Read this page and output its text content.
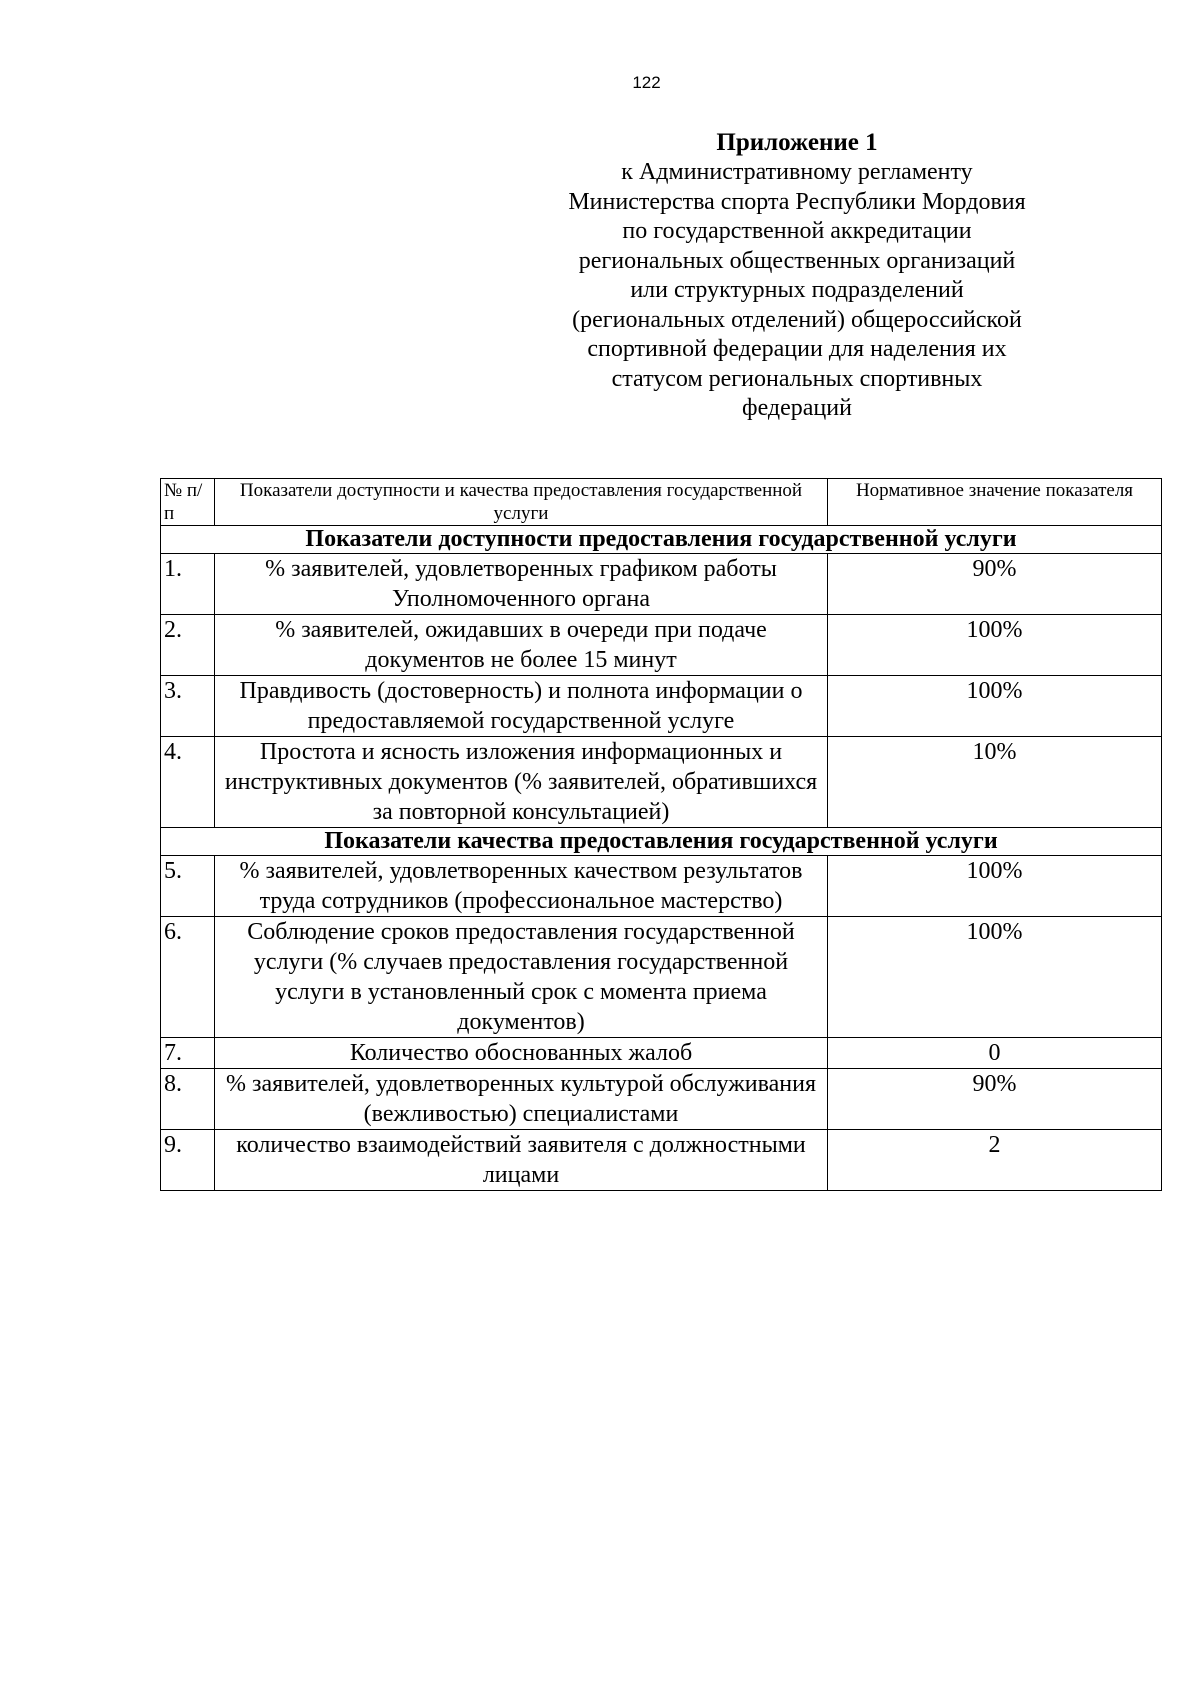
122
Приложение 1
к Административному регламенту
Министерства спорта Республики Мордовия
по государственной аккредитации
региональных общественных организаций
или структурных подразделений
(региональных отделений) общероссийской
спортивной федерации для наделения их
статусом региональных спортивных
федераций
№ п/п	Показатели доступности и качества предоставления государственной услуги	Нормативное значение показателя
Показатели доступности предоставления государственной услуги		
1.	% заявителей, удовлетворенных графиком работы Уполномоченного органа	90%
2.	% заявителей, ожидавших в очереди при подаче документов не более 15 минут	100%
3.	Правдивость (достоверность) и полнота информации о предоставляемой государственной услуге	100%
4.	Простота и ясность изложения информационных и инструктивных документов (% заявителей, обратившихся за повторной консультацией)	10%
Показатели качества предоставления государственной услуги		
5.	% заявителей, удовлетворенных качеством результатов труда сотрудников (профессиональное мастерство)	100%
6.	Соблюдение сроков предоставления государственной услуги (% случаев предоставления государственной услуги в установленный срок с момента приема документов)	100%
7.	Количество обоснованных жалоб	0
8.	% заявителей, удовлетворенных культурой обслуживания (вежливостью) специалистами	90%
9.	количество взаимодействий заявителя с должностными лицами	2
